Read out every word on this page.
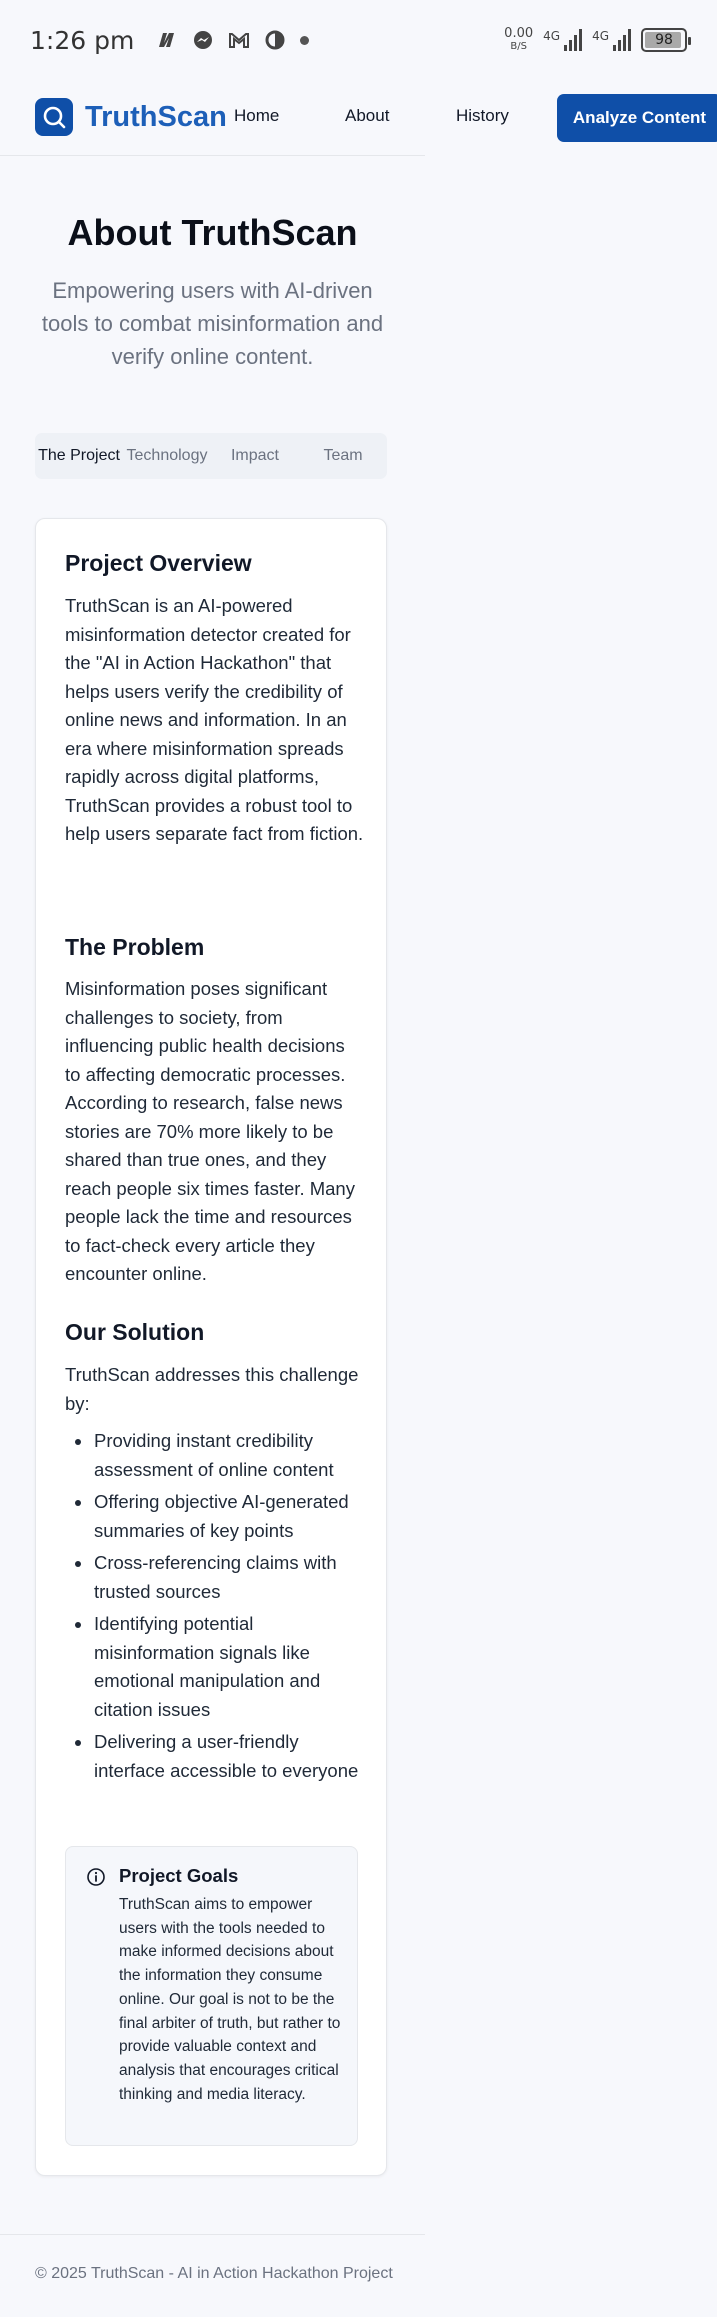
1:26 pm	0.00
B/S
4G	4G	98
TruthScan Home	About	History	Analyze Content
About TruthScan

Empowering users with AI-driven tools to combat misinformation and verify online content.

The Project Technology	Impact	Team
Project Overview

TruthScan is an AI-powered misinformation detector created for the "AI in Action Hackathon" that helps users verify the credibility of online news and information. In an era where misinformation spreads rapidly across digital platforms, TruthScan provides a robust tool to help users separate fact from fiction.

The Problem

Misinformation poses significant challenges to society, from influencing public health decisions to affecting democratic processes. According to research, false news stories are 70% more likely to be shared than true ones, and they reach people six times faster. Many people lack the time and resources to fact-check every article they encounter online.

Our Solution

TruthScan addresses this challenge by:

Providing instant credibility assessment of online content
Offering objective AI-generated summaries of key points
Cross-referencing claims with trusted sources
Identifying potential misinformation signals like emotional manipulation and citation issues
Delivering a user-friendly interface accessible to everyone
Project Goals

TruthScan aims to empower users with the tools needed to make informed decisions about the information they consume online. Our goal is not to be the final arbiter of truth, but rather to provide valuable context and analysis that encourages critical thinking and media literacy.

© 2025 TruthScan - AI in Action Hackathon Project
